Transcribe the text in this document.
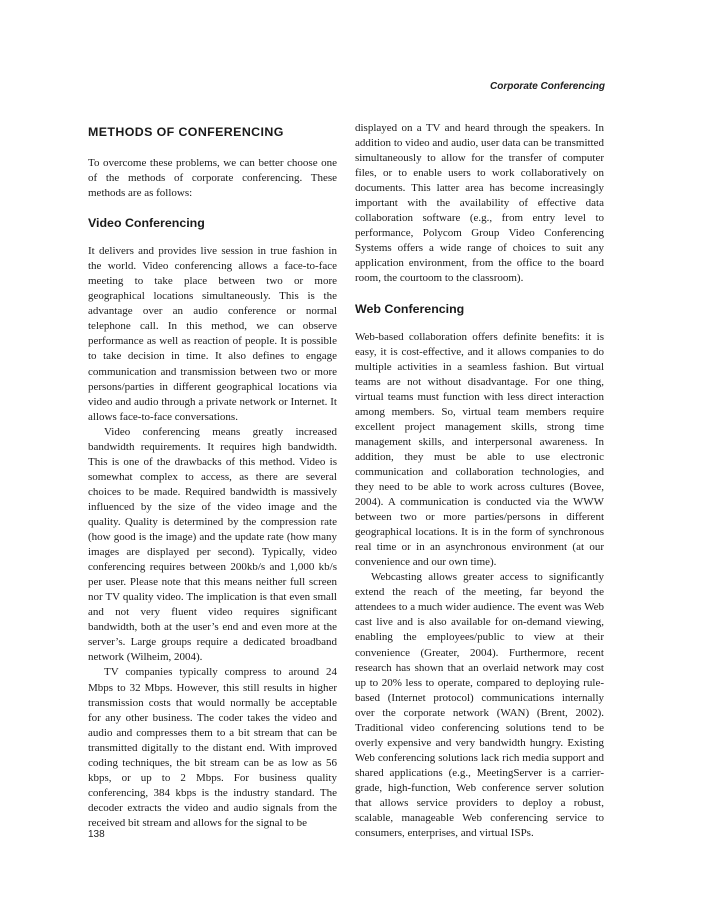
Corporate Conferencing
METHODS OF CONFERENCING

To overcome these problems, we can better choose one of the methods of corporate conferencing. These methods are as follows:

Video Conferencing

It delivers and provides live session in true fashion in the world. Video conferencing allows a face-to-face meeting to take place between two or more geographical locations simultaneously. This is the advantage over an audio conference or normal telephone call. In this method, we can observe performance as well as reaction of people. It is possible to take decision in time. It also defines to engage communication and transmission between two or more persons/parties in different geographical locations via video and audio through a private network or Internet. It allows face-to-face conversations.

Video conferencing means greatly increased bandwidth requirements. It requires high bandwidth. This is one of the drawbacks of this method. Video is somewhat complex to access, as there are several choices to be made. Required bandwidth is massively influenced by the size of the video image and the quality. Quality is determined by the compression rate (how good is the image) and the update rate (how many images are displayed per second). Typically, video conferencing requires between 200kb/s and 1,000 kb/s per user. Please note that this means neither full screen nor TV quality video. The implication is that even small and not very fluent video requires significant bandwidth, both at the user’s end and even more at the server’s. Large groups require a dedicated broadband network (Wilheim, 2004).

TV companies typically compress to around 24 Mbps to 32 Mbps. However, this still results in higher transmission costs that would normally be acceptable for any other business. The coder takes the video and audio and compresses them to a bit stream that can be transmitted digitally to the distant end. With improved coding techniques, the bit stream can be as low as 56 kbps, or up to 2 Mbps. For business quality conferencing, 384 kbps is the industry standard. The decoder extracts the video and audio signals from the received bit stream and allows for the signal to be

displayed on a TV and heard through the speakers. In addition to video and audio, user data can be transmitted simultaneously to allow for the transfer of computer files, or to enable users to work collaboratively on documents. This latter area has become increasingly important with the availability of effective data collaboration software (e.g., from entry level to performance, Polycom Group Video Conferencing Systems offers a wide range of choices to suit any application environment, from the office to the board room, the courtoom to the classroom).

Web Conferencing

Web-based collaboration offers definite benefits: it is easy, it is cost-effective, and it allows companies to do multiple activities in a seamless fashion. But virtual teams are not without disadvantage. For one thing, virtual teams must function with less direct interaction among members. So, virtual team members require excellent project management skills, strong time management skills, and interpersonal awareness. In addition, they must be able to use electronic communication and collaboration technologies, and they need to be able to work across cultures (Bovee, 2004). A communication is conducted via the WWW between two or more parties/persons in different geographical locations. It is in the form of synchronous real time or in an asynchronous environment (at our convenience and our own time).

Webcasting allows greater access to significantly extend the reach of the meeting, far beyond the attendees to a much wider audience. The event was Web cast live and is also available for on-demand viewing, enabling the employees/public to view at their convenience (Greater, 2004). Furthermore, recent research has shown that an overlaid network may cost up to 20% less to operate, compared to deploying rule-based (Internet protocol) communications internally over the corporate network (WAN) (Brent, 2002). Traditional video conferencing solutions tend to be overly expensive and very bandwidth hungry. Existing Web conferencing solutions lack rich media support and shared applications (e.g., MeetingServer is a carrier-grade, high-function, Web conference server solution that allows service providers to deploy a robust, scalable, manageable Web conferencing service to consumers, enterprises, and virtual ISPs.

138
